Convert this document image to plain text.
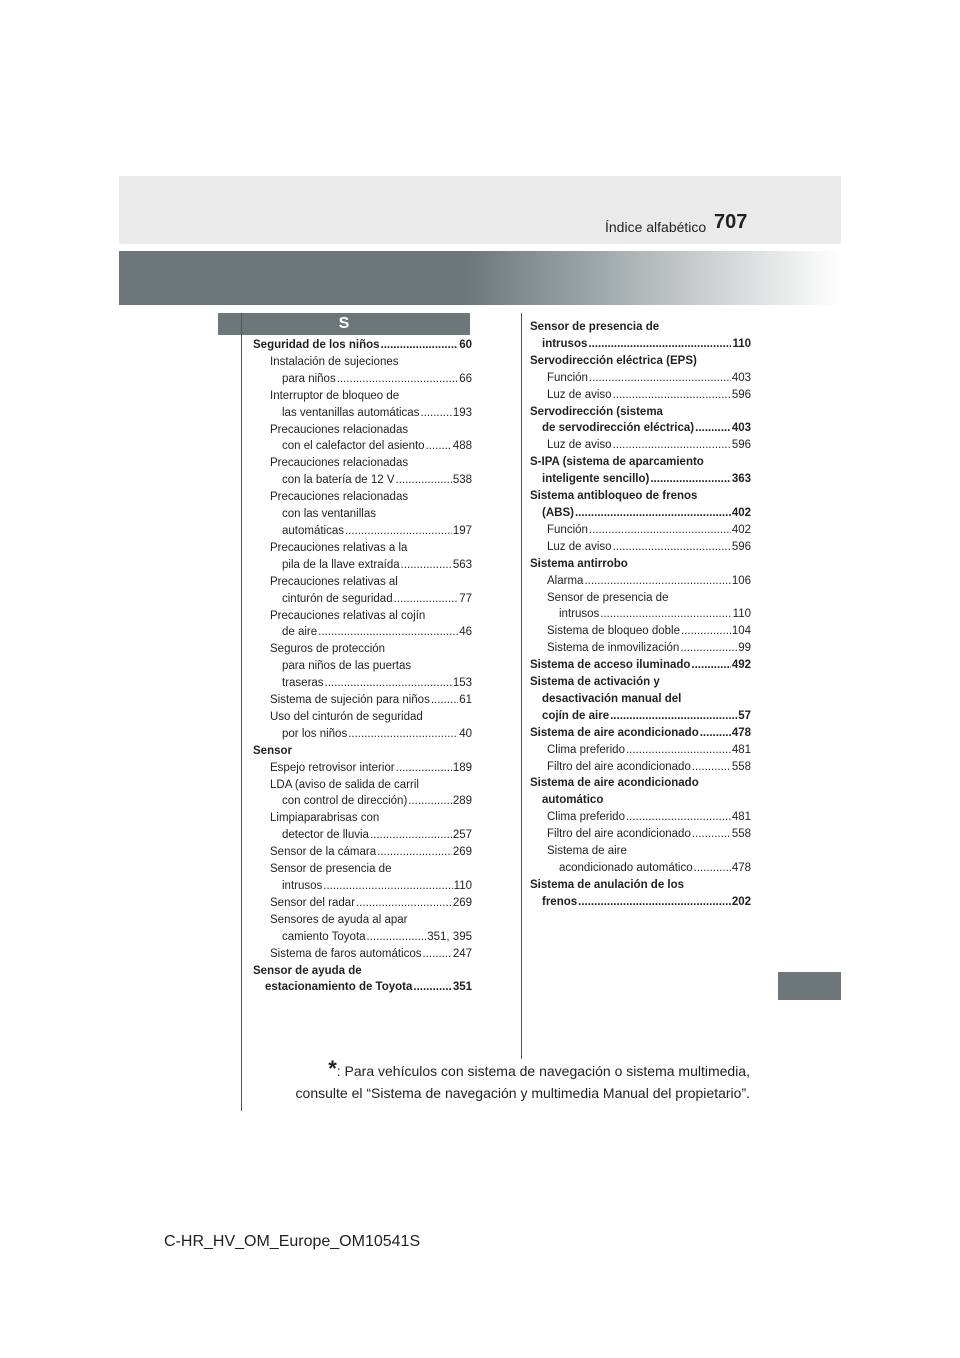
Índice alfabético 707
S
Seguridad de los niños .....	60
Instalación de sujeciones
para niños .....	66
Interruptor de bloqueo de
las ventanillas automáticas .....	193
Precauciones relacionadas
con el calefactor del asiento ..... 488
Precauciones relacionadas
con la batería de 12 V .....	538
Precauciones relacionadas
con las ventanillas
automáticas .....	197
Precauciones relativas a la
pila de la llave extraída .....	563
Precauciones relativas al
cinturón de seguridad .....	77
Precauciones relativas al cojín
de aire .....	46
Seguros de protección
para niños de las puertas
traseras .....	153
Sistema de sujeción para niños .....	61
Uso del cinturón de seguridad
por los niños .....	40
Sensor
Espejo retrovisor interior .....	189
LDA (aviso de salida de carril
con control de dirección) .....	289
Limpiaparabrisas con
detector de lluvia .....	257
Sensor de la cámara .....	269
Sensor de presencia de
intrusos .....	110
Sensor del radar .....	269
Sensores de ayuda al apar
camiento Toyota .....	351, 395
Sistema de faros automáticos .....	247
Sensor de ayuda de
estacionamiento de Toyota .....	351
Sensor de presencia de
intrusos .....	110
Servodirección eléctrica (EPS)
Función .....	403
Luz de aviso .....	596
Servodirección (sistema
de servodirección eléctrica) .....	403
Luz de aviso .....	596
S-IPA (sistema de aparcamiento
inteligente sencillo) .....	363
Sistema antibloqueo de frenos
(ABS) .....	402
Función .....	402
Luz de aviso .....	596
Sistema antirrobo
Alarma .....	106
Sensor de presencia de
intrusos .....	110
Sistema de bloqueo doble .....	104
Sistema de inmovilización .....	99
Sistema de acceso iluminado .....	492
Sistema de activación y
desactivación manual del
cojín de aire .....	57
Sistema de aire acondicionado .....	478
Clima preferido .....	481
Filtro del aire acondicionado .....	558
Sistema de aire acondicionado
automático
Clima preferido .....	481
Filtro del aire acondicionado .....	558
Sistema de aire
acondicionado automático .....	478
Sistema de anulación de los
frenos .....	202
*: Para vehículos con sistema de navegación o sistema multimedia,
consulte el “Sistema de navegación y multimedia Manual del propietario”.
C-HR_HV_OM_Europe_OM10541S
